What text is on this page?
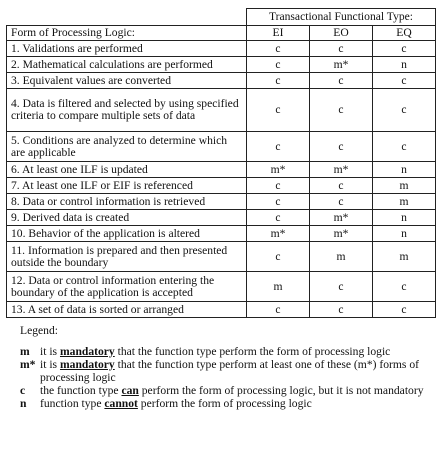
	Transactional Functional Type:		
Form of Processing Logic:	EI	EO	EQ
1. Validations are performed	c	c	c
2. Mathematical calculations are performed	c	m*	n
3. Equivalent values are converted	c	c	c
4. Data is filtered and selected by using specified criteria to compare multiple sets of data	c	c	c
5. Conditions are analyzed to determine which are applicable	c	c	c
6. At least one ILF is updated	m*	m*	n
7. At least one ILF or EIF is referenced	c	c	m
8. Data or control information is retrieved	c	c	m
9. Derived data is created	c	m*	n
10. Behavior of the application is altered	m*	m*	n
11. Information is prepared and then presented outside the boundary	c	m	m
12. Data or control information entering the boundary of the application is accepted	m	c	c
13. A set of data is sorted or arranged	c	c	c
Legend:
m it is mandatory that the function type perform the form of processing logic
m* it is mandatory that the function type perform at least one of these (m*) forms of processing logic
c	the function type can perform the form of processing logic, but it is not mandatory
n	function type cannot perform the form of processing logic
